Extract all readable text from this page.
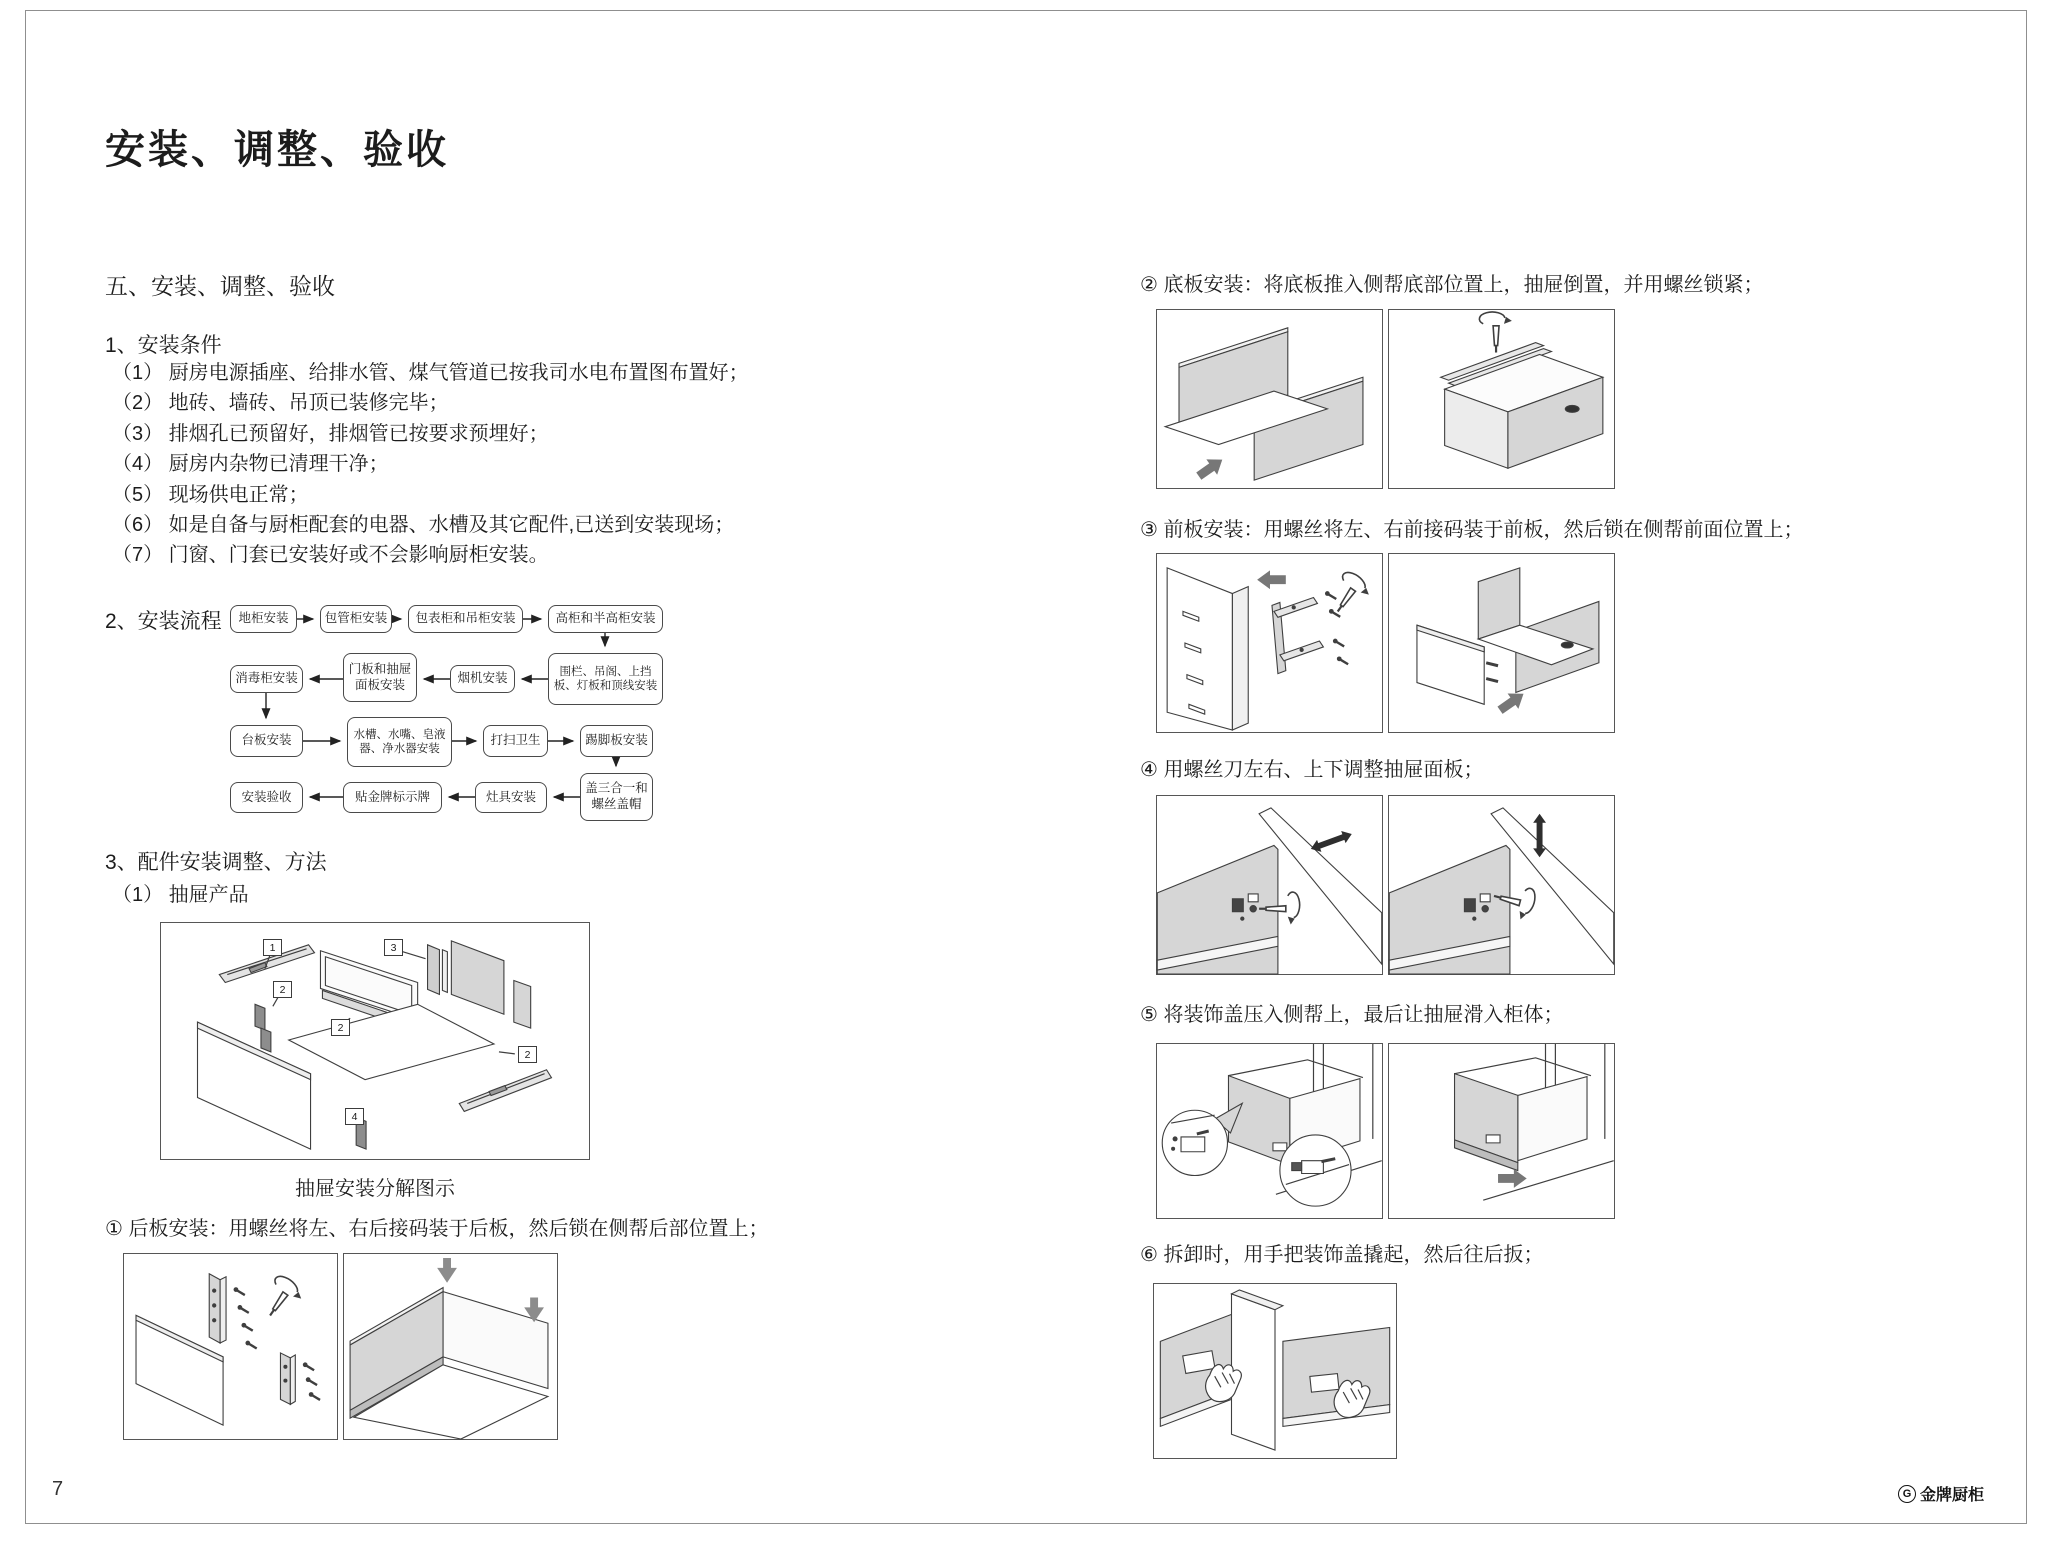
安装、调整、验收
五、安装、调整、验收
1、安装条件
（1） 厨房电源插座、给排水管、煤气管道已按我司水电布置图布置好；
（2） 地砖、墙砖、吊顶已装修完毕；
（3） 排烟孔已预留好，排烟管已按要求预埋好；
（4） 厨房内杂物已清理干净；
（5） 现场供电正常；
（6） 如是自备与厨柜配套的电器、水槽及其它配件,已送到安装现场；
（7） 门窗、门套已安装好或不会影响厨柜安装。
2、安装流程	地柜安装	包管柜安装	包表柜和吊柜安装	高柜和半高柜安装
消毒柜安装
门板和抽屉面板安装	烟机安装	围栏、吊阁、上挡板、灯板和顶线安装
台板安装	水槽、水嘴、皂液器、净水器安装
打扫卫生	踢脚板安装
安装验收	贴金牌标示牌	灶具安装
盖三合一和螺丝盖帽
3、配件安装调整、方法
（1） 抽屉产品
1
2
3
2
2
4
抽屉安装分解图示
① 后板安装：用螺丝将左、右后接码装于后板，然后锁在侧帮后部位置上；
② 底板安装：将底板推入侧帮底部位置上，抽屉倒置，并用螺丝锁紧；
③ 前板安装：用螺丝将左、右前接码装于前板，然后锁在侧帮前面位置上；
④ 用螺丝刀左右、上下调整抽屉面板；
⑤ 将装饰盖压入侧帮上，最后让抽屉滑入柜体；
⑥ 拆卸时，用手把装饰盖撬起，然后往后扳；
7	G 金牌厨柜
